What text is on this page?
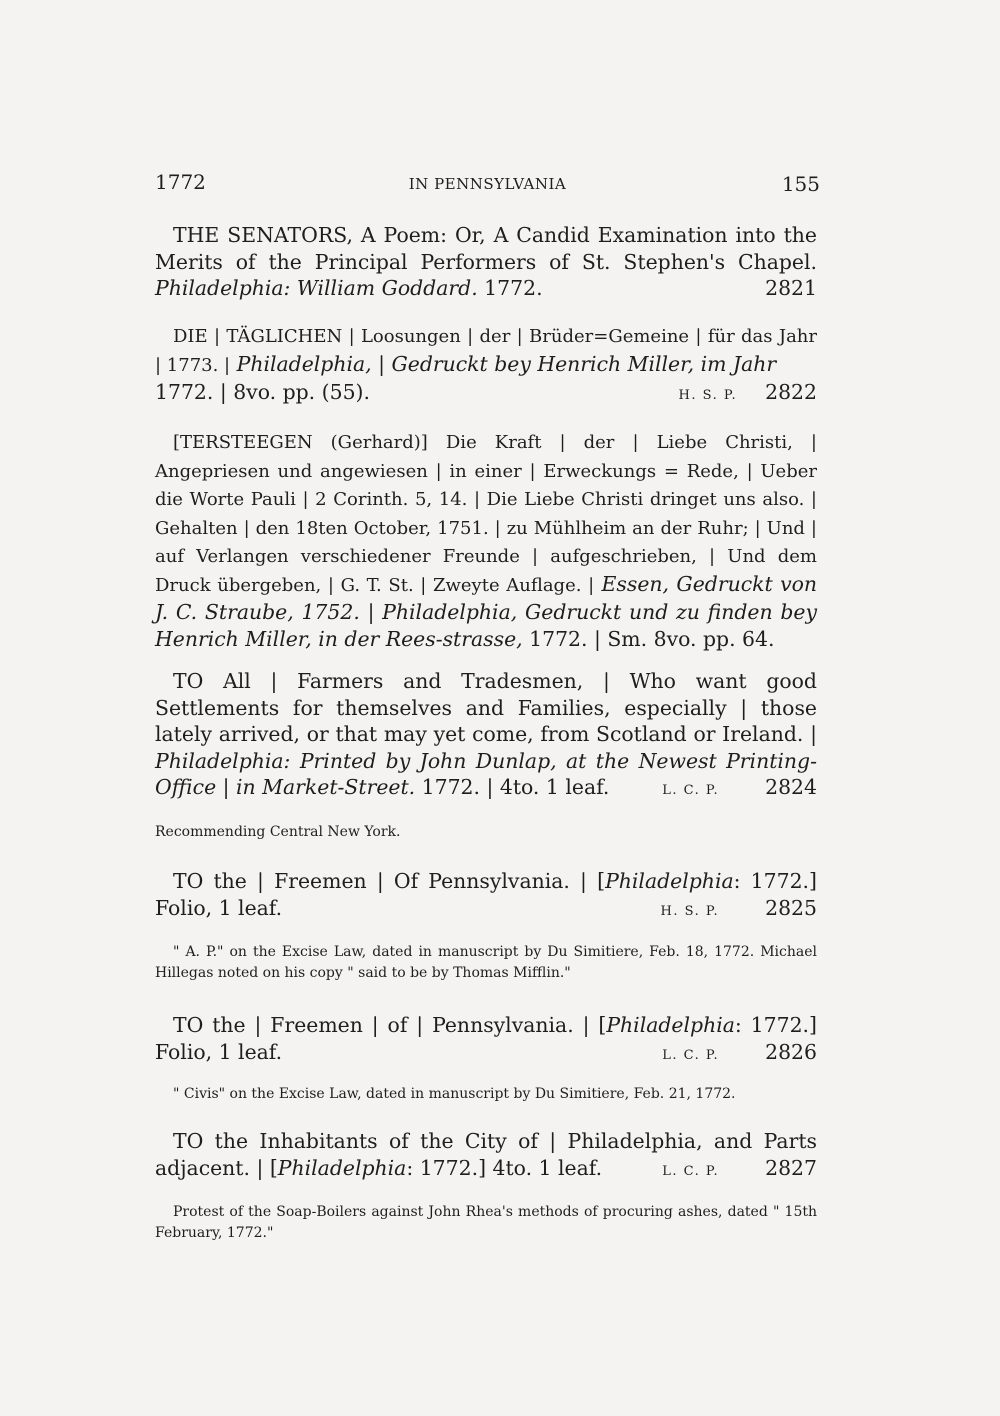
1772	IN PENNSYLVANIA	155

THE SENATORS, A Poem: Or, A Candid Examination into the Merits of the Principal Performers of St. Stephen's Chapel. Philadelphia: William Goddard. 1772.	2821

DIE | TÄGLICHEN | Loosungen | der | Brüder=Gemeine | für das Jahr | 1773. | Philadelphia, | Gedruckt bey Henrich Miller, im Jahr

1772. | 8vo. pp. (55).	H. S. P. 2822

[TERSTEEGEN (Gerhard)] Die Kraft | der | Liebe Christi, | Angepriesen und angewiesen | in einer | Erweckungs = Rede, | Ueber die Worte Pauli | 2 Corinth. 5, 14. | Die Liebe Christi dringet uns also. | Gehalten | den 18ten October, 1751. | zu Mühlheim an der Ruhr; | Und | auf Verlangen verschiedener Freunde | aufgeschrieben, | Und dem Druck übergeben, | G. T. St. | Zweyte Auflage. | Essen, Gedruckt von J. C. Straube, 1752. | Philadelphia, Gedruckt und zu finden bey Henrich Miller, in der Rees-strasse, 1772. | Sm. 8vo. pp. 64.

TO All | Farmers and Tradesmen, | Who want good Settlements for themselves and Families, especially | those lately arrived, or that may yet come, from Scotland or Ireland. | Philadelphia: Printed by John Dunlap, at the Newest Printing-Office | in Market-Street. 1772. | 4to. 1 leaf.	L. C. P.	2824

Recommending Central New York.

TO the | Freemen | Of Pennsylvania. | [Philadelphia: 1772.] Folio, 1 leaf.	H. S. P.	2825

" A. P." on the Excise Law, dated in manuscript by Du Simitiere, Feb. 18, 1772. Michael Hillegas noted on his copy " said to be by Thomas Mifflin."

TO the | Freemen | of | Pennsylvania. | [Philadelphia: 1772.] Folio, 1 leaf.	L. C. P.	2826

" Civis" on the Excise Law, dated in manuscript by Du Simitiere, Feb. 21, 1772.

TO the Inhabitants of the City of | Philadelphia, and Parts adjacent. | [Philadelphia: 1772.] 4to. 1 leaf.	L. C. P.	2827

Protest of the Soap-Boilers against John Rhea's methods of procuring ashes, dated " 15th February, 1772."
